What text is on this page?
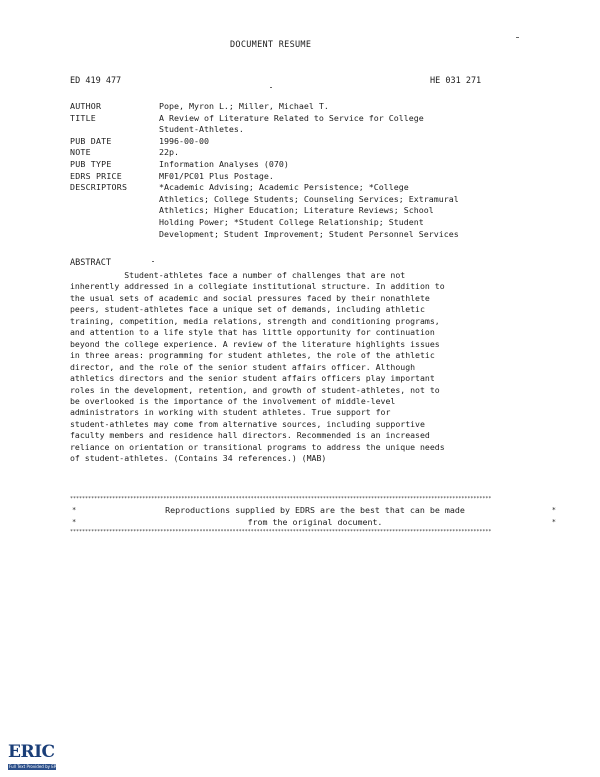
DOCUMENT RESUME
ED 419 477	HE 031 271
AUTHOR	Pope, Myron L.; Miller, Michael T.
TITLE	A Review of Literature Related to Service for College
Student-Athletes.
PUB DATE	1996-00-00
NOTE	22p.
PUB TYPE	Information Analyses (070)
EDRS PRICE	MF01/PC01 Plus Postage.
DESCRIPTORS	*Academic Advising; Academic Persistence; *College
Athletics; College Students; Counseling Services; Extramural
Athletics; Higher Education; Literature Reviews; School
Holding Power; *Student College Relationship; Student
Development; Student Improvement; Student Personnel Services
ABSTRACT
Student-athletes face a number of challenges that are not
inherently addressed in a collegiate institutional structure. In addition to
the usual sets of academic and social pressures faced by their nonathlete
peers, student-athletes face a unique set of demands, including athletic
training, competition, media relations, strength and conditioning programs,
and attention to a life style that has little opportunity for continuation
beyond the college experience. A review of the literature highlights issues
in three areas: programming for student athletes, the role of the athletic
director, and the role of the senior student affairs officer. Although
athletics directors and the senior student affairs officers play important
roles in the development, retention, and growth of student-athletes, not to
be overlooked is the importance of the involvement of middle-level
administrators in working with student athletes. True support for
student-athletes may come from alternative sources, including supportive
faculty members and residence hall directors. Recommended is an increased
reliance on orientation or transitional programs to address the unique needs
of student-athletes. (Contains 34 references.) (MAB)
********************************************************************************************************************************************
*	Reproductions supplied by EDRS are the best that can be made	*
*	from the original document.	*
********************************************************************************************************************************************
ERIC
Full Text Provided by ERIC
